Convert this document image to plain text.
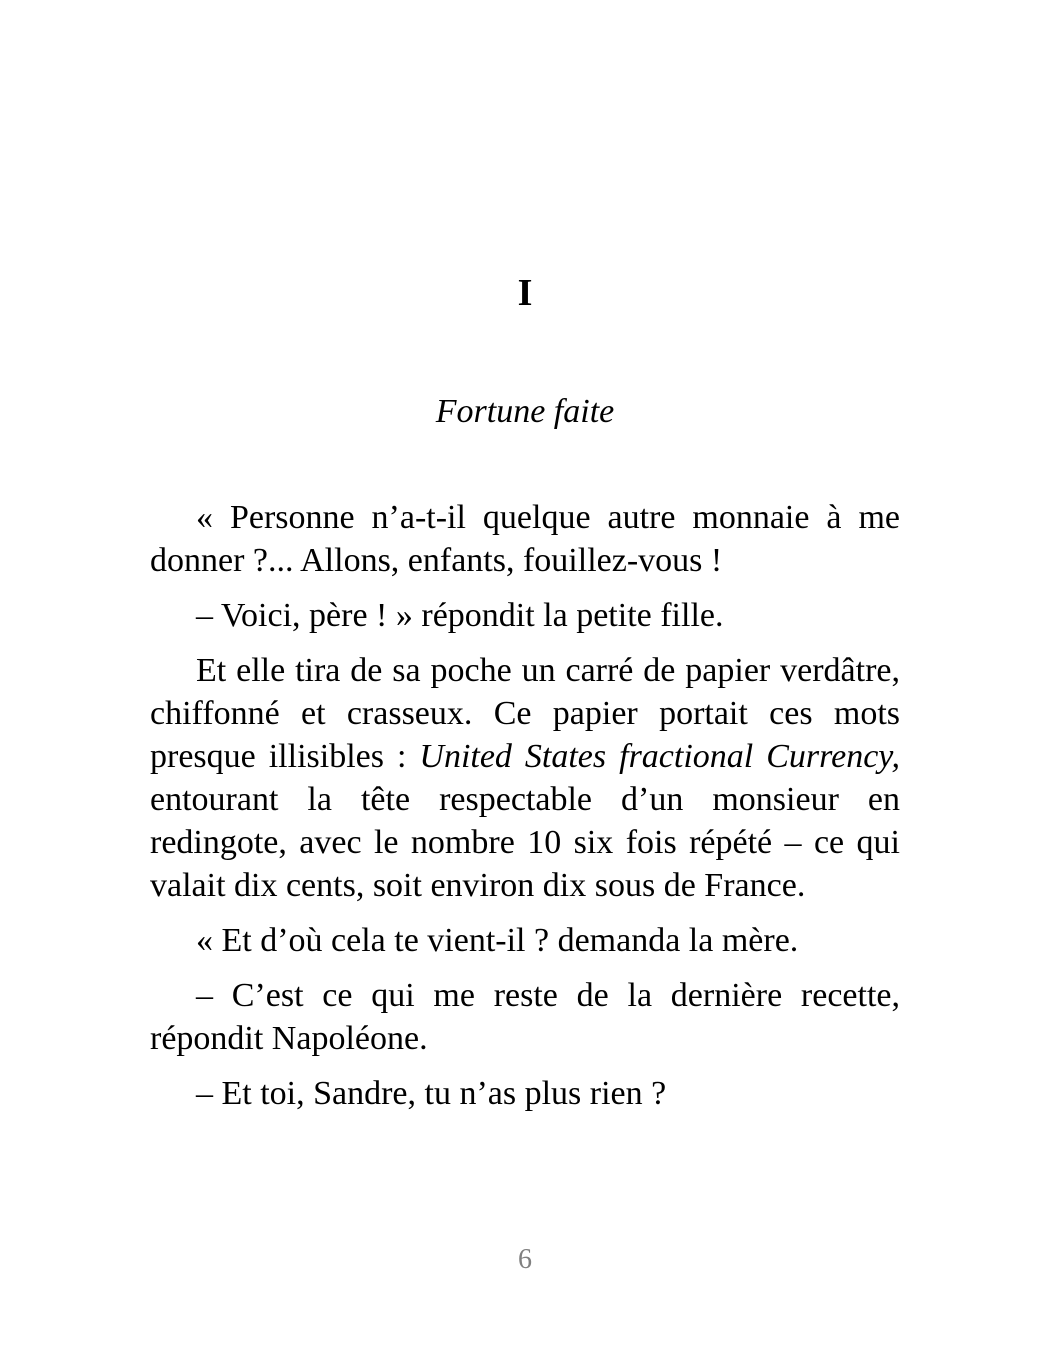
I
Fortune faite

« Personne n’a-t-il quelque autre monnaie à me donner ?... Allons, enfants, fouillez-vous !

– Voici, père ! » répondit la petite fille.

Et elle tira de sa poche un carré de papier verdâtre, chiffonné et crasseux. Ce papier portait ces mots presque illisibles : United States fractional Currency, entourant la tête respectable d’un monsieur en redingote, avec le nombre 10 six fois répété – ce qui valait dix cents, soit environ dix sous de France.

« Et d’où cela te vient-il ? demanda la mère.

– C’est ce qui me reste de la dernière recette, répondit Napoléone.

– Et toi, Sandre, tu n’as plus rien ?

6
